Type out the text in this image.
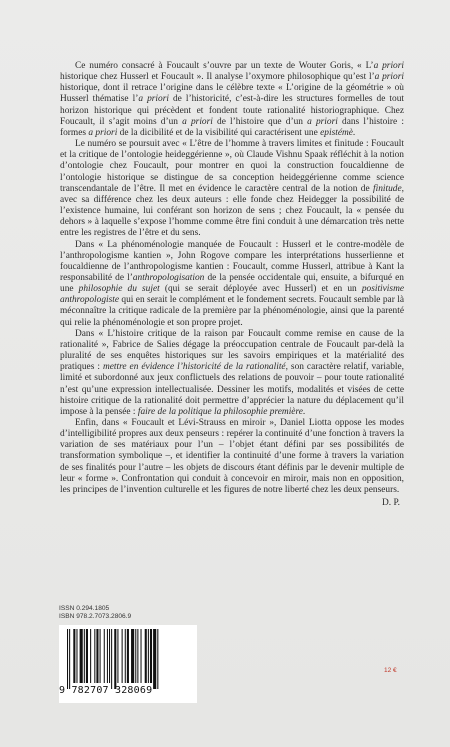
Ce numéro consacré à Foucault s’ouvre par un texte de Wouter Goris, « L’a priori historique chez Husserl et Foucault ». Il analyse l’oxymore philosophique qu’est l’a priori historique, dont il retrace l’origine dans le célèbre texte « L’origine de la géométrie » où Husserl thématise l’a priori de l’historicité, c’est-à-dire les structures formelles de tout horizon historique qui précèdent et fondent toute rationalité historiographique. Chez Foucault, il s’agit moins d’un a priori de l’histoire que d’un a priori dans l’histoire : formes a priori de la dicibilité et de la visibilité qui caractérisent une epistémè.

Le numéro se poursuit avec « L’être de l’homme à travers limites et finitude : Foucault et la critique de l’ontologie heideggérienne », où Claude Vishnu Spaak réfléchit à la notion d’ontologie chez Foucault, pour montrer en quoi la construction foucaldienne de l’ontologie historique se distingue de sa conception heideggérienne comme science transcendantale de l’être. Il met en évidence le caractère central de la notion de finitude, avec sa différence chez les deux auteurs : elle fonde chez Heidegger la possibilité de l’existence humaine, lui conférant son horizon de sens ; chez Foucault, la « pensée du dehors » à laquelle s’expose l’homme comme être fini conduit à une démarcation très nette entre les registres de l’être et du sens.

Dans « La phénoménologie manquée de Foucault : Husserl et le contre-modèle de l’anthropologisme kantien », John Rogove compare les interprétations husserlienne et foucaldienne de l’anthropologisme kantien : Foucault, comme Husserl, attribue à Kant la responsabilité de l’anthropologisation de la pensée occidentale qui, ensuite, a bifurqué en une philosophie du sujet (qui se serait déployée avec Husserl) et en un positivisme anthropologiste qui en serait le complément et le fondement secrets. Foucault semble par là méconnaître la critique radicale de la première par la phénoménologie, ainsi que la parenté qui relie la phénoménologie et son propre projet.

Dans « L’histoire critique de la raison par Foucault comme remise en cause de la rationalité », Fabrice de Salies dégage la préoccupation centrale de Foucault par-delà la pluralité de ses enquêtes historiques sur les savoirs empiriques et la matérialité des pratiques : mettre en évidence l’historicité de la rationalité, son caractère relatif, variable, limité et subordonné aux jeux conflictuels des relations de pouvoir – pour toute rationalité n’est qu’une expression intellectualisée. Dessiner les motifs, modalités et visées de cette histoire critique de la rationalité doit permettre d’apprécier la nature du déplacement qu’il impose à la pensée : faire de la politique la philosophie première.

Enfin, dans « Foucault et Lévi-Strauss en miroir », Daniel Liotta oppose les modes d’intelligibilité propres aux deux penseurs : repérer la continuité d’une fonction à travers la variation de ses matériaux pour l’un – l’objet étant défini par ses possibilités de transformation symbolique –, et identifier la continuité d’une forme à travers la variation de ses finalités pour l’autre – les objets de discours étant définis par le devenir multiple de leur « forme ». Confrontation qui conduit à concevoir en miroir, mais non en opposition, les principes de l’invention culturelle et les figures de notre liberté chez les deux penseurs.

D. P.

ISSN 0.294.1805
ISBN 978.2.7073.2806.9
9 782707 328069
12 €
